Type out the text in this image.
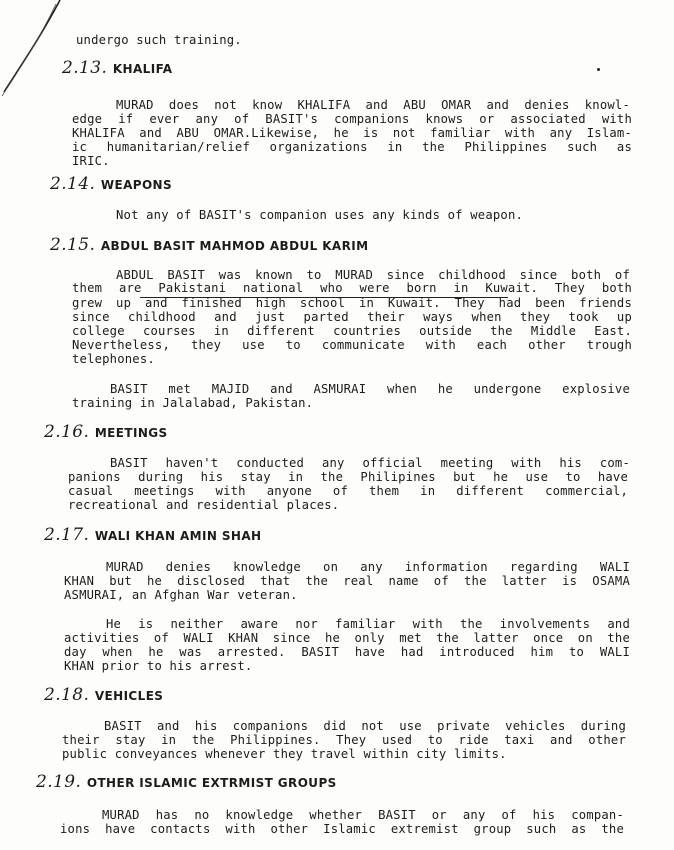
undergo such training.
2.13. KHALIFA
MURAD does not know KHALIFA and ABU OMAR and denies knowl-
edge if ever any of BASIT's companions knows or associated with
KHALIFA and ABU OMAR.Likewise, he is not familiar with any Islam-
ic humanitarian/relief organizations in the Philippines such as
IRIC.
2.14. WEAPONS
Not any of BASIT's companion uses any kinds of weapon.
2.15. ABDUL BASIT MAHMOD ABDUL KARIM
ABDUL BASIT was known to MURAD since childhood since both of
them are Pakistani national who were born in Kuwait. They both
grew up and finished high school in Kuwait. They had been friends
since childhood and just parted their ways when they took up
college courses in different countries outside the Middle East.
Nevertheless, they use to communicate with each other trough
telephones.
BASIT met MAJID and ASMURAI when he undergone explosive
training in Jalalabad, Pakistan.
2.16. MEETINGS
BASIT haven't conducted any official meeting with his com-
panions during his stay in the Philipines but he use to have
casual meetings with anyone of them in different commercial,
recreational and residential places.
2.17. WALI KHAN AMIN SHAH
MURAD denies knowledge on any information regarding WALI
KHAN but he disclosed that the real name of the latter is OSAMA
ASMURAI, an Afghan War veteran.
He is neither aware nor familiar with the involvements and
activities of WALI KHAN since he only met the latter once on the
day when he was arrested. BASIT have had introduced him to WALI
KHAN prior to his arrest.
2.18. VEHICLES
BASIT and his companions did not use private vehicles during
their stay in the Philippines. They used to ride taxi and other
public conveyances whenever they travel within city limits.
2.19. OTHER ISLAMIC EXTRMIST GROUPS
MURAD has no knowledge whether BASIT or any of his compan-
ions have contacts with other Islamic extremist group such as the
